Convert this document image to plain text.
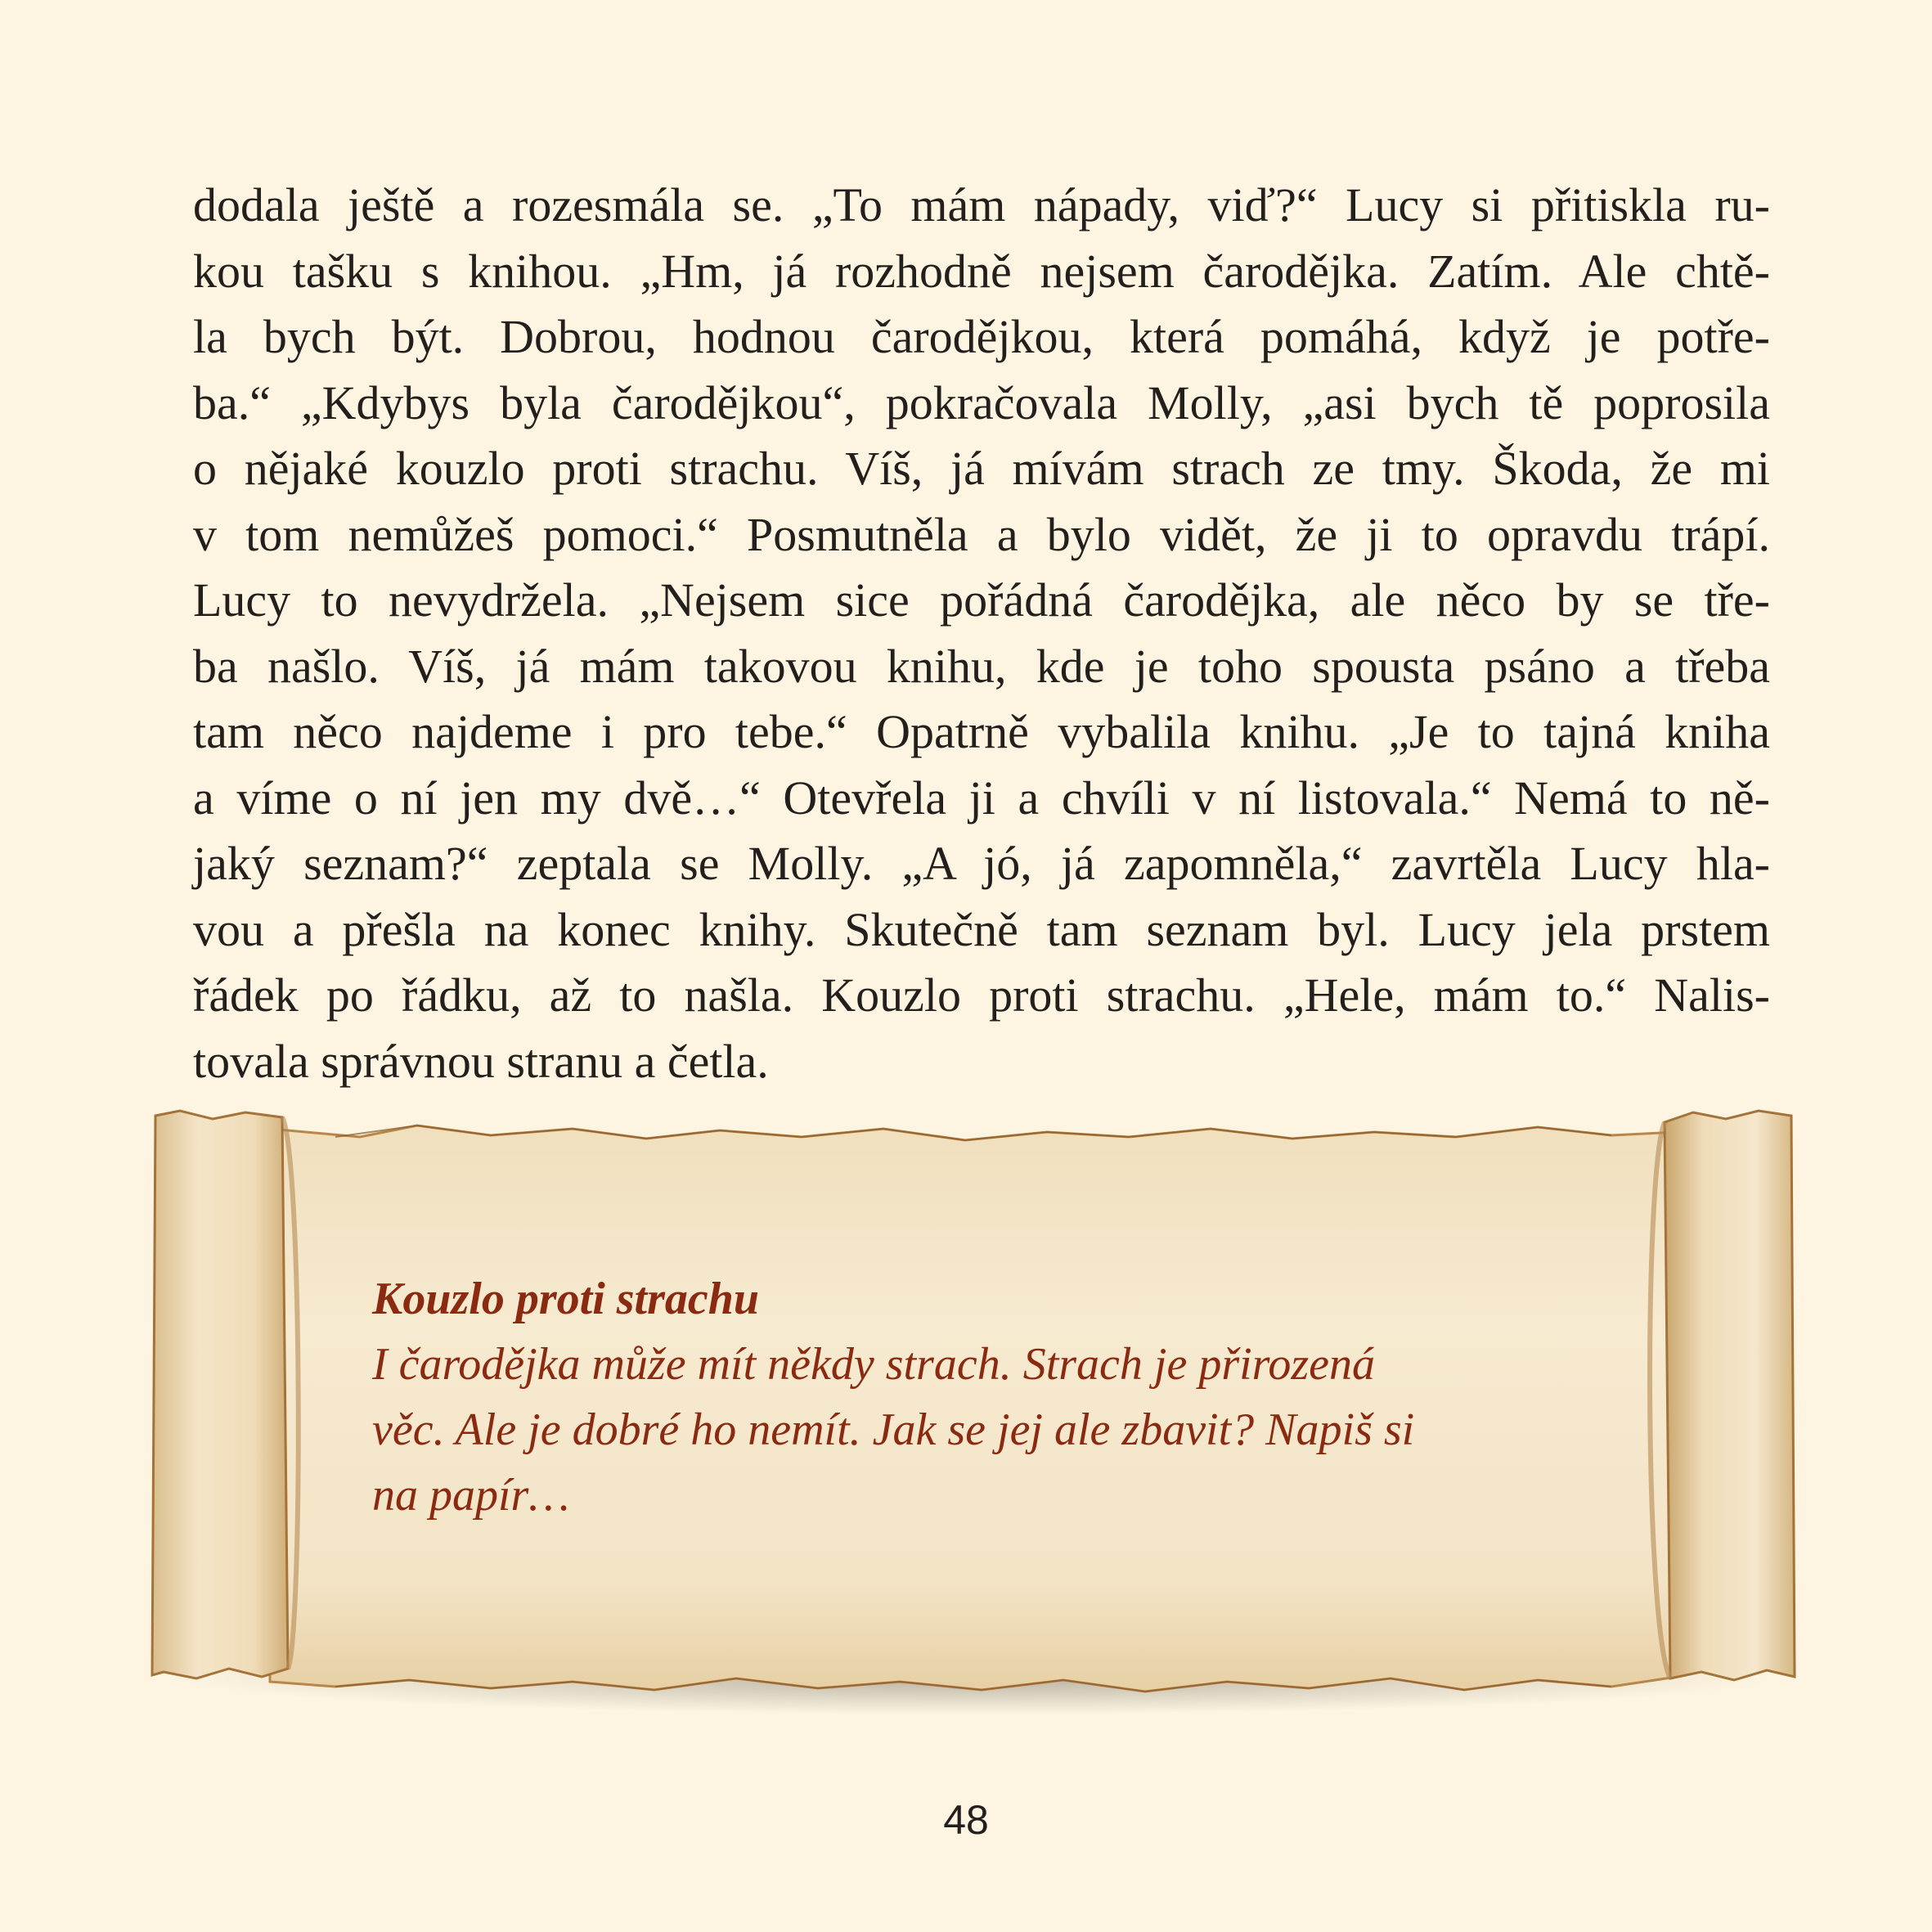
dodala ještě a rozesmála se. „To mám nápady, viď?“ Lucy si přitiskla ru-
kou tašku s knihou. „Hm, já rozhodně nejsem čarodějka. Zatím. Ale chtě-
la bych být. Dobrou, hodnou čarodějkou, která pomáhá, když je potře-
ba.“ „Kdybys byla čarodějkou“, pokračovala Molly, „asi bych tě poprosila
o nějaké kouzlo proti strachu. Víš, já mívám strach ze tmy. Škoda, že mi
v tom nemůžeš pomoci.“ Posmutněla a bylo vidět, že ji to opravdu trápí.
Lucy to nevydržela. „Nejsem sice pořádná čarodějka, ale něco by se tře-
ba našlo. Víš, já mám takovou knihu, kde je toho spousta psáno a třeba
tam něco najdeme i pro tebe.“ Opatrně vybalila knihu. „Je to tajná kniha
a víme o ní jen my dvě…“ Otevřela ji a chvíli v ní listovala.“ Nemá to ně-
jaký seznam?“ zeptala se Molly. „A jó, já zapomněla,“ zavrtěla Lucy hla-
vou a přešla na konec knihy. Skutečně tam seznam byl. Lucy jela prstem
řádek po řádku, až to našla. Kouzlo proti strachu. „Hele, mám to.“ Nalis-
tovala správnou stranu a četla.

Kouzlo proti strachu

I čarodějka může mít někdy strach. Strach je přirozená
věc. Ale je dobré ho nemít. Jak se jej ale zbavit? Napiš si
na papír…

48
